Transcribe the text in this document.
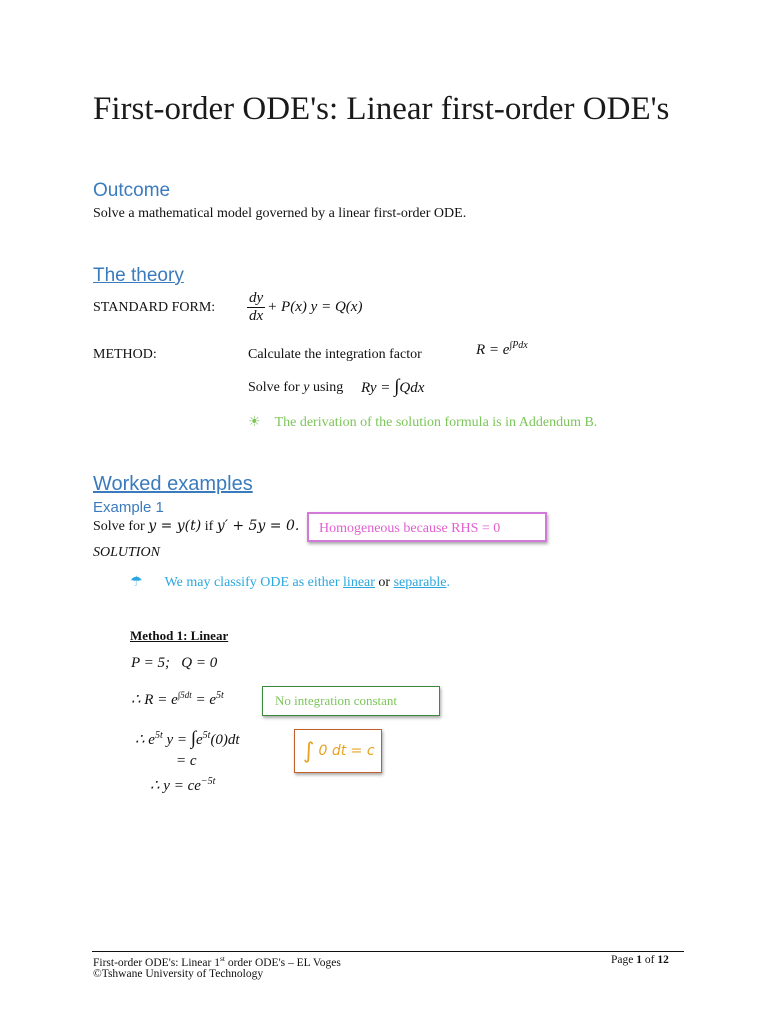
First-order ODE's: Linear first-order ODE's
Outcome
Solve a mathematical model governed by a linear first-order ODE.
The theory
STANDARD FORM: $\frac{dy}{dx} + P(x) y = Q(x)$
METHOD:	Calculate the integration factor	$R = e^{\int Pdx}$
Solve for y using Ry = ∫Qdx
☀ The derivation of the solution formula is in Addendum B.
Worked examples
Example 1
Solve for y = y(t) if y′ + 5y = 0.	Homogeneous because RHS = 0
SOLUTION
☂ We may classify ODE as either linear or separable.
Method 1: Linear
P = 5;   Q = 0
∴ $R = e^{\int 5dt} = e^{5t}$	No integration constant
∴ $e^{5t}$ $y = \int e^{5t}(0)dt$
= c
∴ $y = ce^{-5t}$
∫ 0 dt = c
First-order ODE's: Linear 1st order ODE's – EL Voges
©Tshwane University of Technology
Page 1 of 12
